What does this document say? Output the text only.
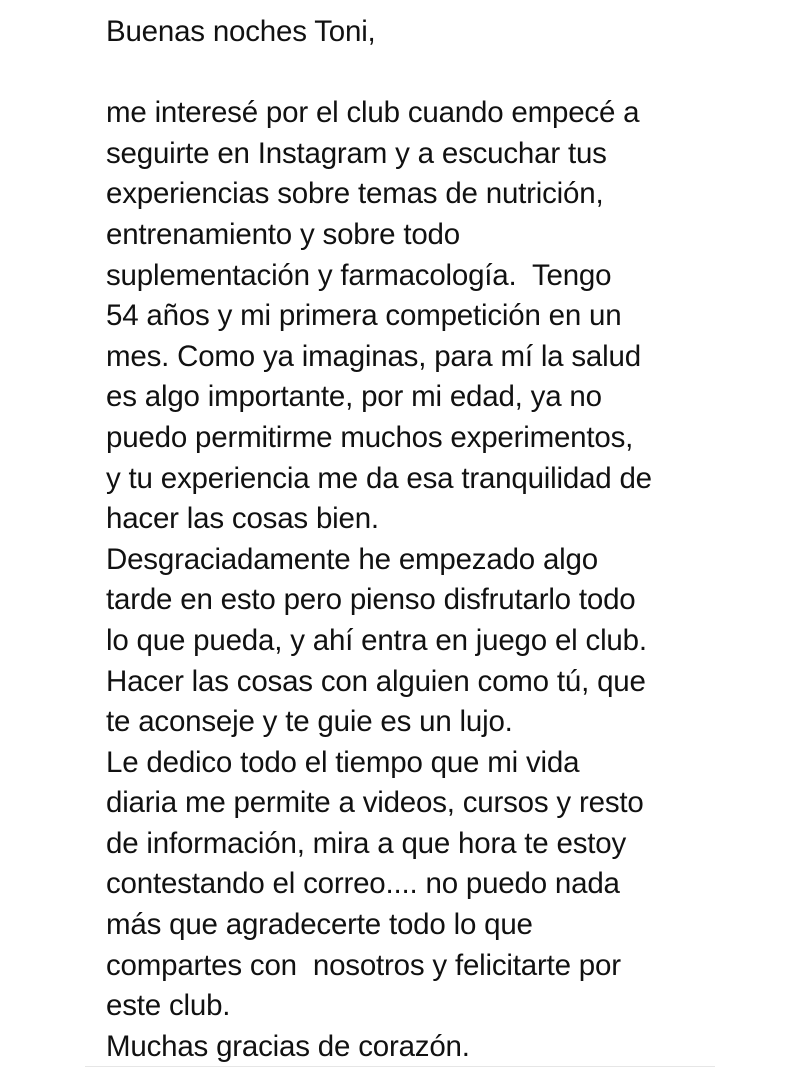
Buenas noches Toni,
me interesé por el club cuando empecé a
seguirte en Instagram y a escuchar tus
experiencias sobre temas de nutrición,
entrenamiento y sobre todo
suplementación y farmacología.  Tengo
54 años y mi primera competición en un
mes. Como ya imaginas, para mí la salud
es algo importante, por mi edad, ya no
puedo permitirme muchos experimentos,
y tu experiencia me da esa tranquilidad de
hacer las cosas bien.
Desgraciadamente he empezado algo
tarde en esto pero pienso disfrutarlo todo
lo que pueda, y ahí entra en juego el club.
Hacer las cosas con alguien como tú, que
te aconseje y te guie es un lujo.
Le dedico todo el tiempo que mi vida
diaria me permite a videos, cursos y resto
de información, mira a que hora te estoy
contestando el correo.... no puedo nada
más que agradecerte todo lo que
compartes con  nosotros y felicitarte por
este club.
Muchas gracias de corazón.
